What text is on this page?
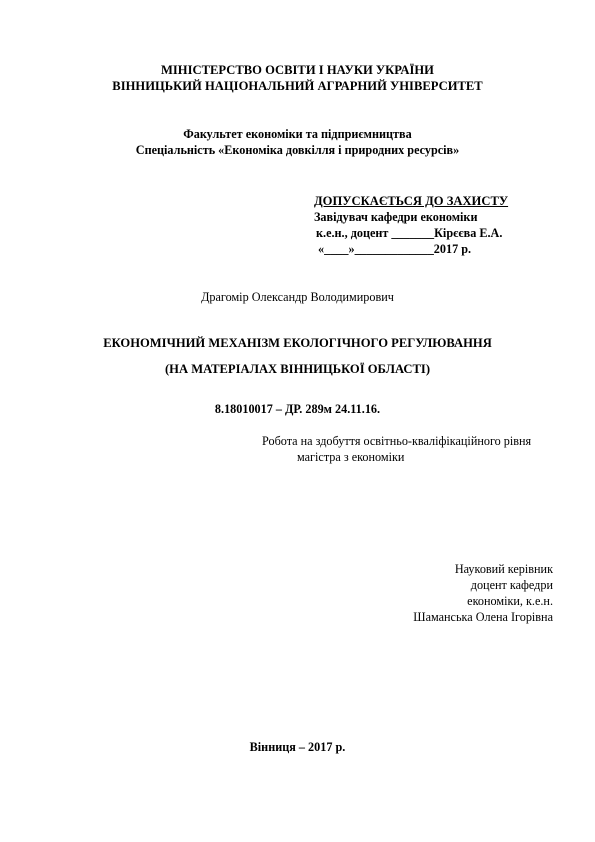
МІНІСТЕРСТВО ОСВІТИ І НАУКИ УКРАЇНИ
ВІННИЦЬКИЙ НАЦІОНАЛЬНИЙ АГРАРНИЙ УНІВЕРСИТЕТ
Факультет економіки та підприємництва
Спеціальність «Економіка довкілля і природних ресурсів»
ДОПУСКАЄТЬСЯ ДО ЗАХИСТУ
Завідувач кафедри економіки
к.е.н., доцент _______Кірєєва Е.А.
«____»_____________2017 р.
Драгомір Олександр Володимирович
ЕКОНОМІЧНИЙ МЕХАНІЗМ ЕКОЛОГІЧНОГО РЕГУЛЮВАННЯ
(НА МАТЕРІАЛАХ ВІННИЦЬКОЇ ОБЛАСТІ)
8.18010017 – ДР. 289м 24.11.16.
Робота на здобуття освітньо-кваліфікаційного рівня
магістра з економіки
Науковий керівник
доцент кафедри
економіки, к.е.н.
Шаманська Олена Ігорівна
Вінниця – 2017 р.
